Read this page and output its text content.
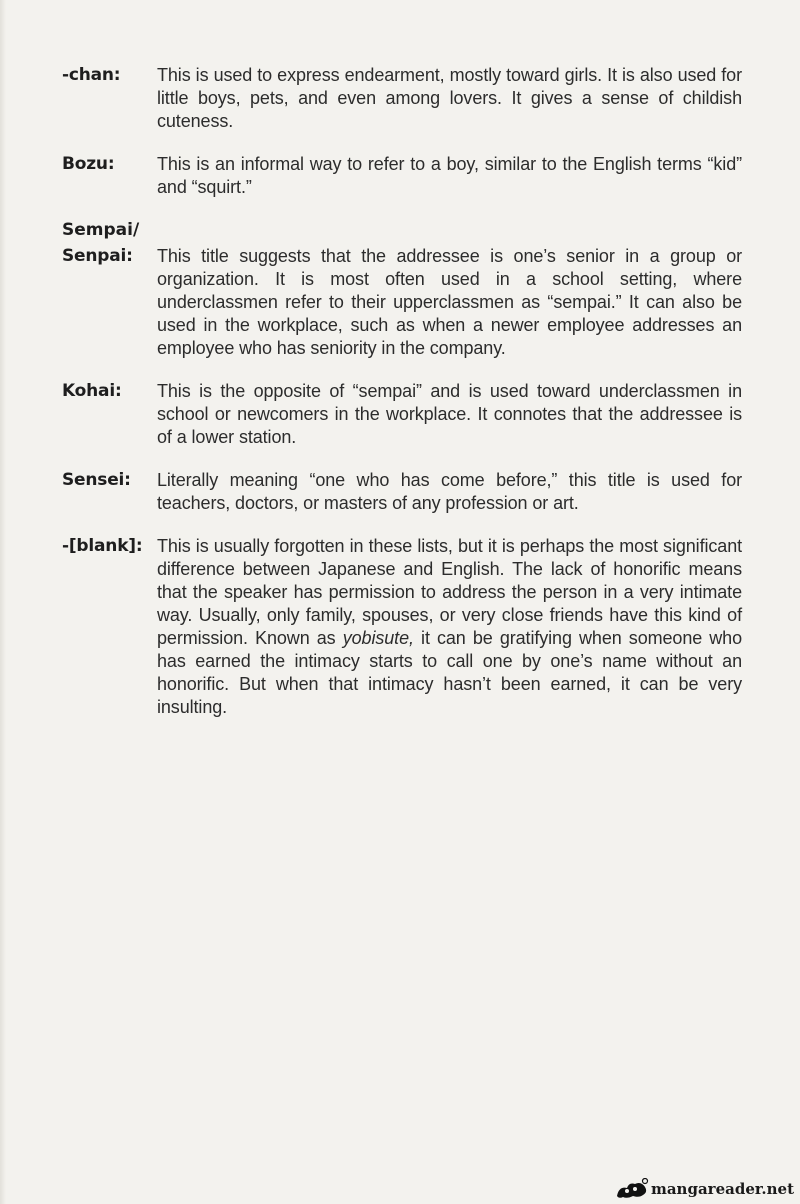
-chan:	This is used to express endearment, mostly toward girls. It is also used for little boys, pets, and even among lovers. It gives a sense of childish cuteness.
Bozu:	This is an informal way to refer to a boy, similar to the English terms “kid” and “squirt.”
Sempai/
Senpai:	This title suggests that the addressee is one’s senior in a group or organization. It is most often used in a school setting, where underclassmen refer to their upperclassmen as “sempai.” It can also be used in the workplace, such as when a newer employee addresses an employee who has seniority in the company.
Kohai:	This is the opposite of “sempai” and is used toward underclassmen in school or newcomers in the workplace. It connotes that the addressee is of a lower station.
Sensei:	Literally meaning “one who has come before,” this title is used for teachers, doctors, or masters of any profession or art.
-[blank]: This is usually forgotten in these lists, but it is perhaps the most significant difference between Japanese and English. The lack of honorific means that the speaker has permission to address the person in a very intimate way. Usually, only family, spouses, or very close friends have this kind of permission. Known as yobisute, it can be gratifying when someone who has earned the intimacy starts to call one by one’s name without an honorific. But when that intimacy hasn’t been earned, it can be very insulting.
mangareader.net
